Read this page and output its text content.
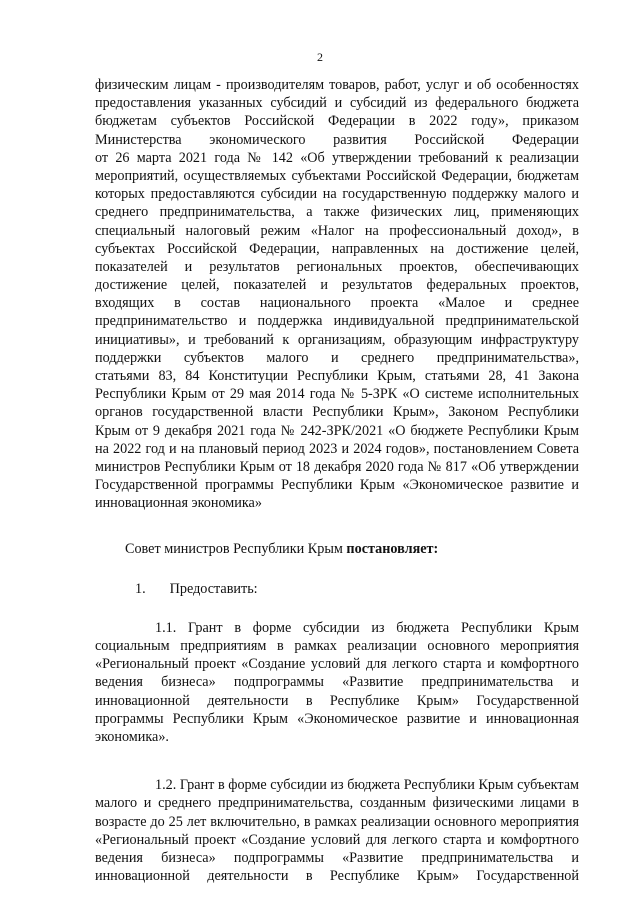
2
физическим лицам - производителям товаров, работ, услуг и об особенностях
предоставления указанных субсидий и субсидий из федерального бюджета
бюджетам субъектов Российской Федерации в 2022 году», приказом
Министерства экономического развития Российской Федерации
от 26 марта 2021 года № 142 «Об утверждении требований к реализации
мероприятий, осуществляемых субъектами Российской Федерации, бюджетам
которых предоставляются субсидии на государственную поддержку малого и
среднего предпринимательства, а также физических лиц, применяющих
специальный налоговый режим «Налог на профессиональный доход», в
субъектах Российской Федерации, направленных на достижение целей,
показателей и результатов региональных проектов, обеспечивающих
достижение целей, показателей и результатов федеральных проектов,
входящих в состав национального проекта «Малое и среднее
предпринимательство и поддержка индивидуальной предпринимательской
инициативы», и требований к организациям, образующим инфраструктуру
поддержки субъектов малого и среднего предпринимательства»,
статьями 83, 84 Конституции Республики Крым, статьями 28, 41 Закона
Республики Крым от 29 мая 2014 года № 5-ЗРК «О системе исполнительных
органов государственной власти Республики Крым», Законом Республики
Крым от 9 декабря 2021 года № 242-ЗРК/2021 «О бюджете Республики Крым
на 2022 год и на плановый период 2023 и 2024 годов», постановлением Совета
министров Республики Крым от 18 декабря 2020 года № 817 «Об утверждении
Государственной программы Республики Крым «Экономическое развитие и
инновационная экономика»
Совет министров Республики Крым постановляет:
1. Предоставить:
1.1. Грант в форме субсидии из бюджета Республики Крым
социальным предприятиям в рамках реализации основного мероприятия
«Региональный проект «Создание условий для легкого старта и комфортного
ведения бизнеса» подпрограммы «Развитие предпринимательства и
инновационной деятельности в Республике Крым» Государственной
программы Республики Крым «Экономическое развитие и инновационная
экономика».
1.2. Грант в форме субсидии из бюджета Республики Крым субъектам
малого и среднего предпринимательства, созданным физическими лицами в
возрасте до 25 лет включительно, в рамках реализации основного мероприятия
«Региональный проект «Создание условий для легкого старта и комфортного
ведения бизнеса» подпрограммы «Развитие предпринимательства и
инновационной деятельности в Республике Крым» Государственной
